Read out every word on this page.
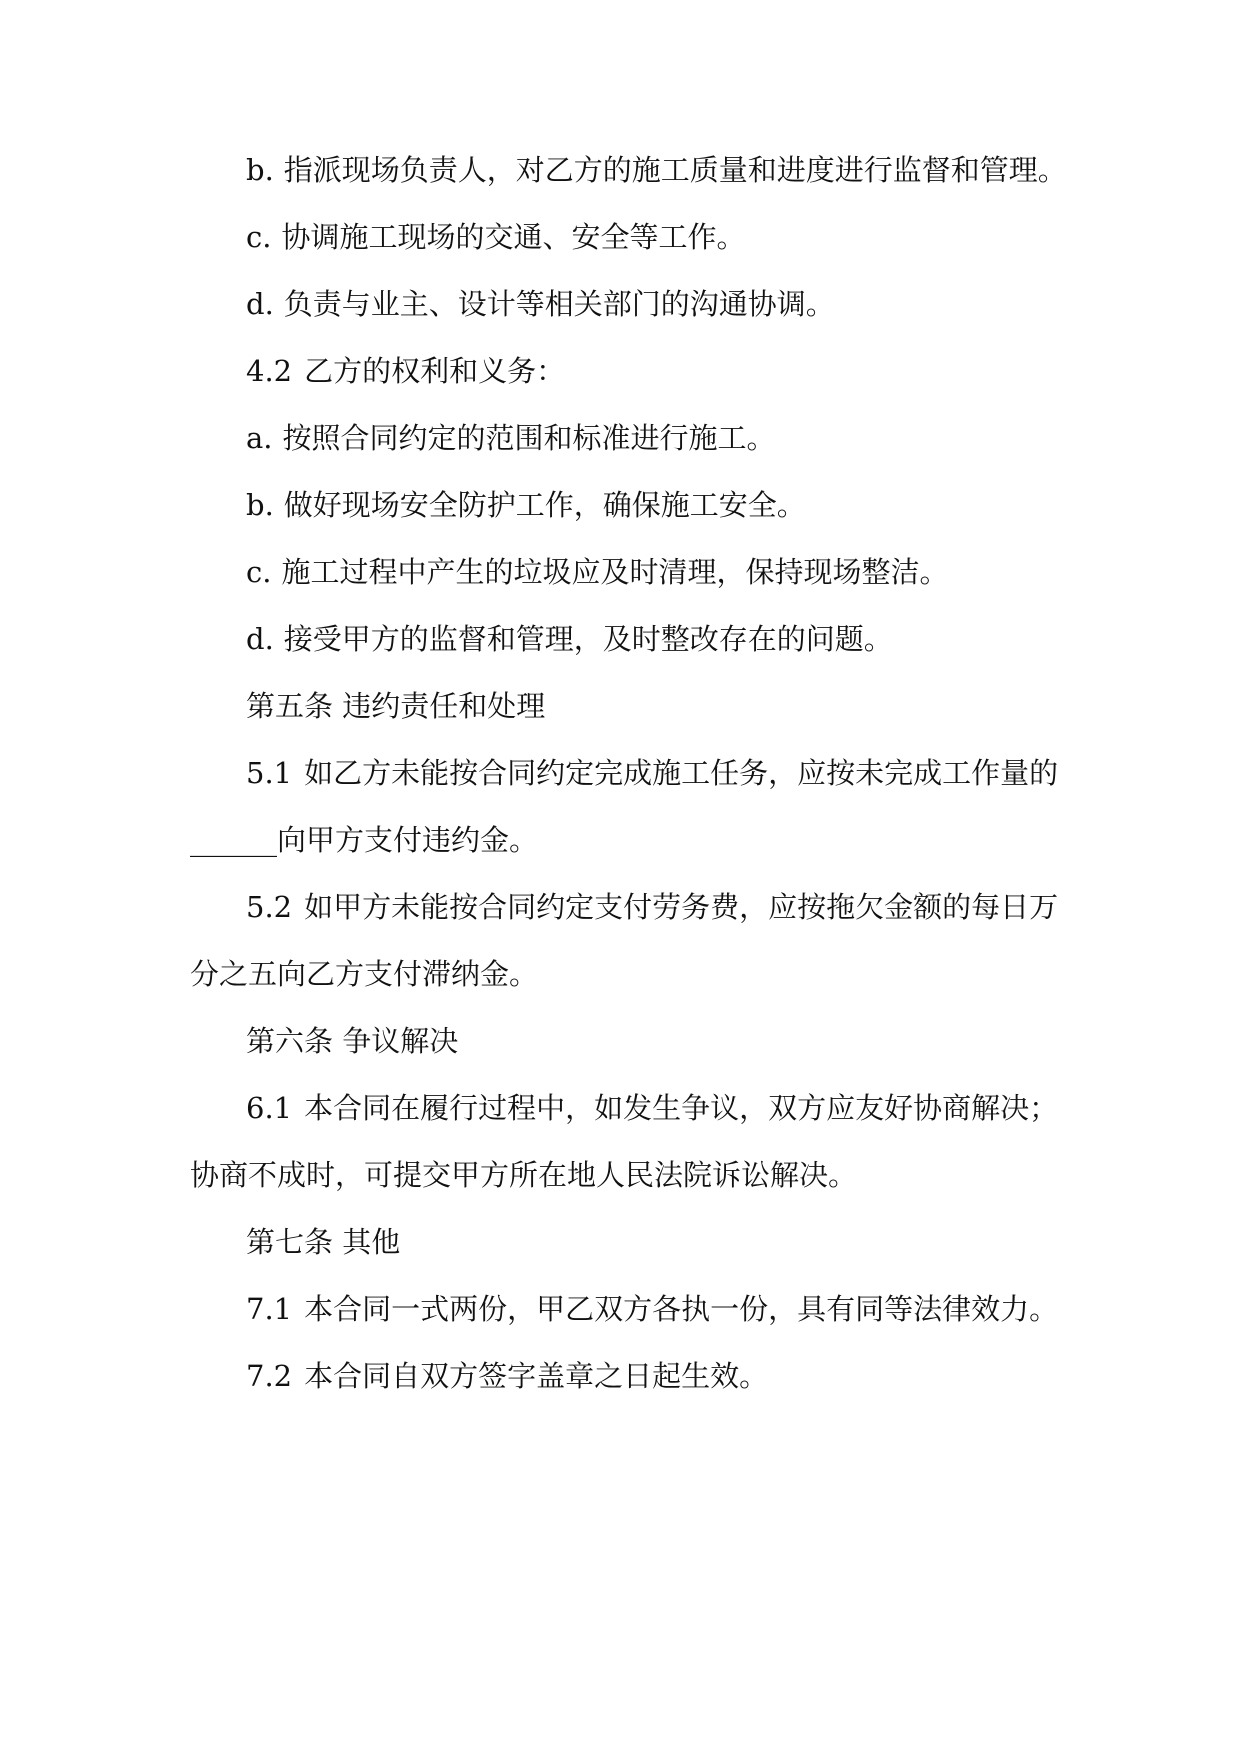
b. 指派现场负责人，对乙方的施工质量和进度进行监督和管理。
c. 协调施工现场的交通、安全等工作。
d. 负责与业主、设计等相关部门的沟通协调。
4.2 乙方的权利和义务：
a. 按照合同约定的范围和标准进行施工。
b. 做好现场安全防护工作，确保施工安全。
c. 施工过程中产生的垃圾应及时清理，保持现场整洁。
d. 接受甲方的监督和管理，及时整改存在的问题。
第五条 违约责任和处理
5.1 如乙方未能按合同约定完成施工任务，应按未完成工作量的
______向甲方支付违约金。
5.2 如甲方未能按合同约定支付劳务费，应按拖欠金额的每日万
分之五向乙方支付滞纳金。
第六条 争议解决
6.1 本合同在履行过程中，如发生争议，双方应友好协商解决；
协商不成时，可提交甲方所在地人民法院诉讼解决。
第七条 其他
7.1 本合同一式两份，甲乙双方各执一份，具有同等法律效力。
7.2 本合同自双方签字盖章之日起生效。
